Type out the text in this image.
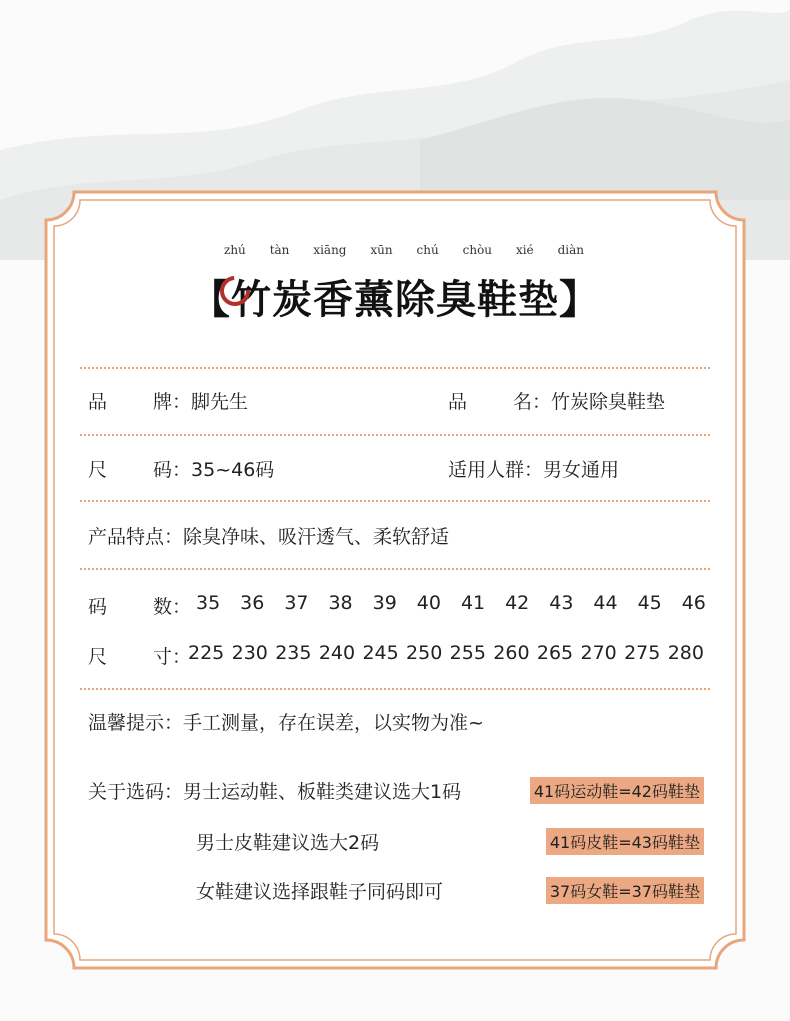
zhú tàn xiāng xūn chú chòu xié diàn
【竹炭香薰除臭鞋垫】
品 牌 ：脚先生	品 名 ：竹炭除臭鞋垫
尺 码 ：35~46码	适用人群：男女通用
产品特点：除臭净味、吸汗透气、柔软舒适
码 数 ： 35 36 37 38 39 40 41 42 43 44 45 46
尺 寸 ：
225 230 235 240 245 250 255 260 265 270 275 280
温馨提示：手工测量，存在误差，以实物为准~
关于选码：男士运动鞋、板鞋类建议选大1码	41码运动鞋=42码鞋垫
男士皮鞋建议选大2码	41码皮鞋=43码鞋垫
女鞋建议选择跟鞋子同码即可	37码女鞋=37码鞋垫
